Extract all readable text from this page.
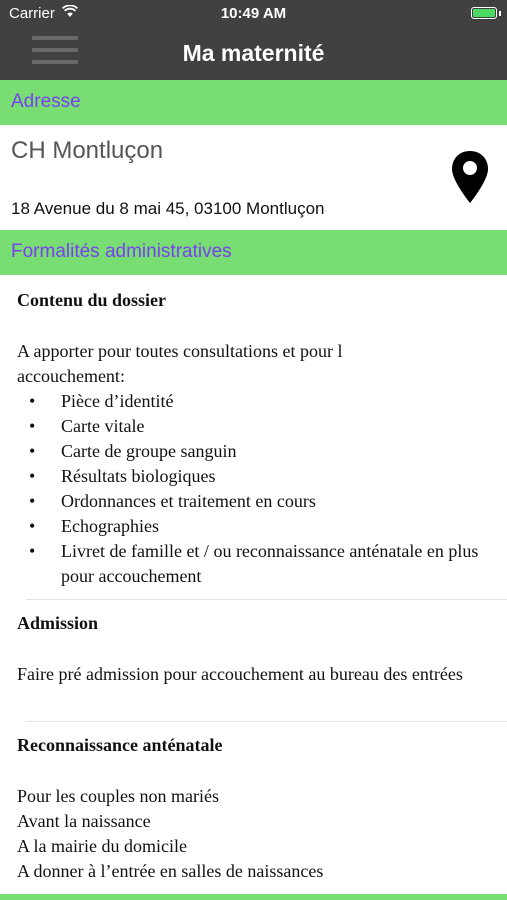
Carrier	10:49 AM
Ma maternité
Adresse
CH Montluçon
18 Avenue du 8 mai 45, 03100 Montluçon
Formalités administratives
Contenu du dossier

A apporter pour toutes consultations et pour l

accouchement:

• Pièce d’identité
• Carte vitale
• Carte de groupe sanguin
• Résultats biologiques
• Ordonnances et traitement en cours
• Echographies
• Livret de famille et / ou reconnaissance anténatale en plus pour accouchement
Admission

Faire pré admission pour accouchement au bureau des entrées

Reconnaissance anténatale

Pour les couples non mariés

Avant la naissance

A la mairie du domicile

A donner à l’entrée en salles de naissances
